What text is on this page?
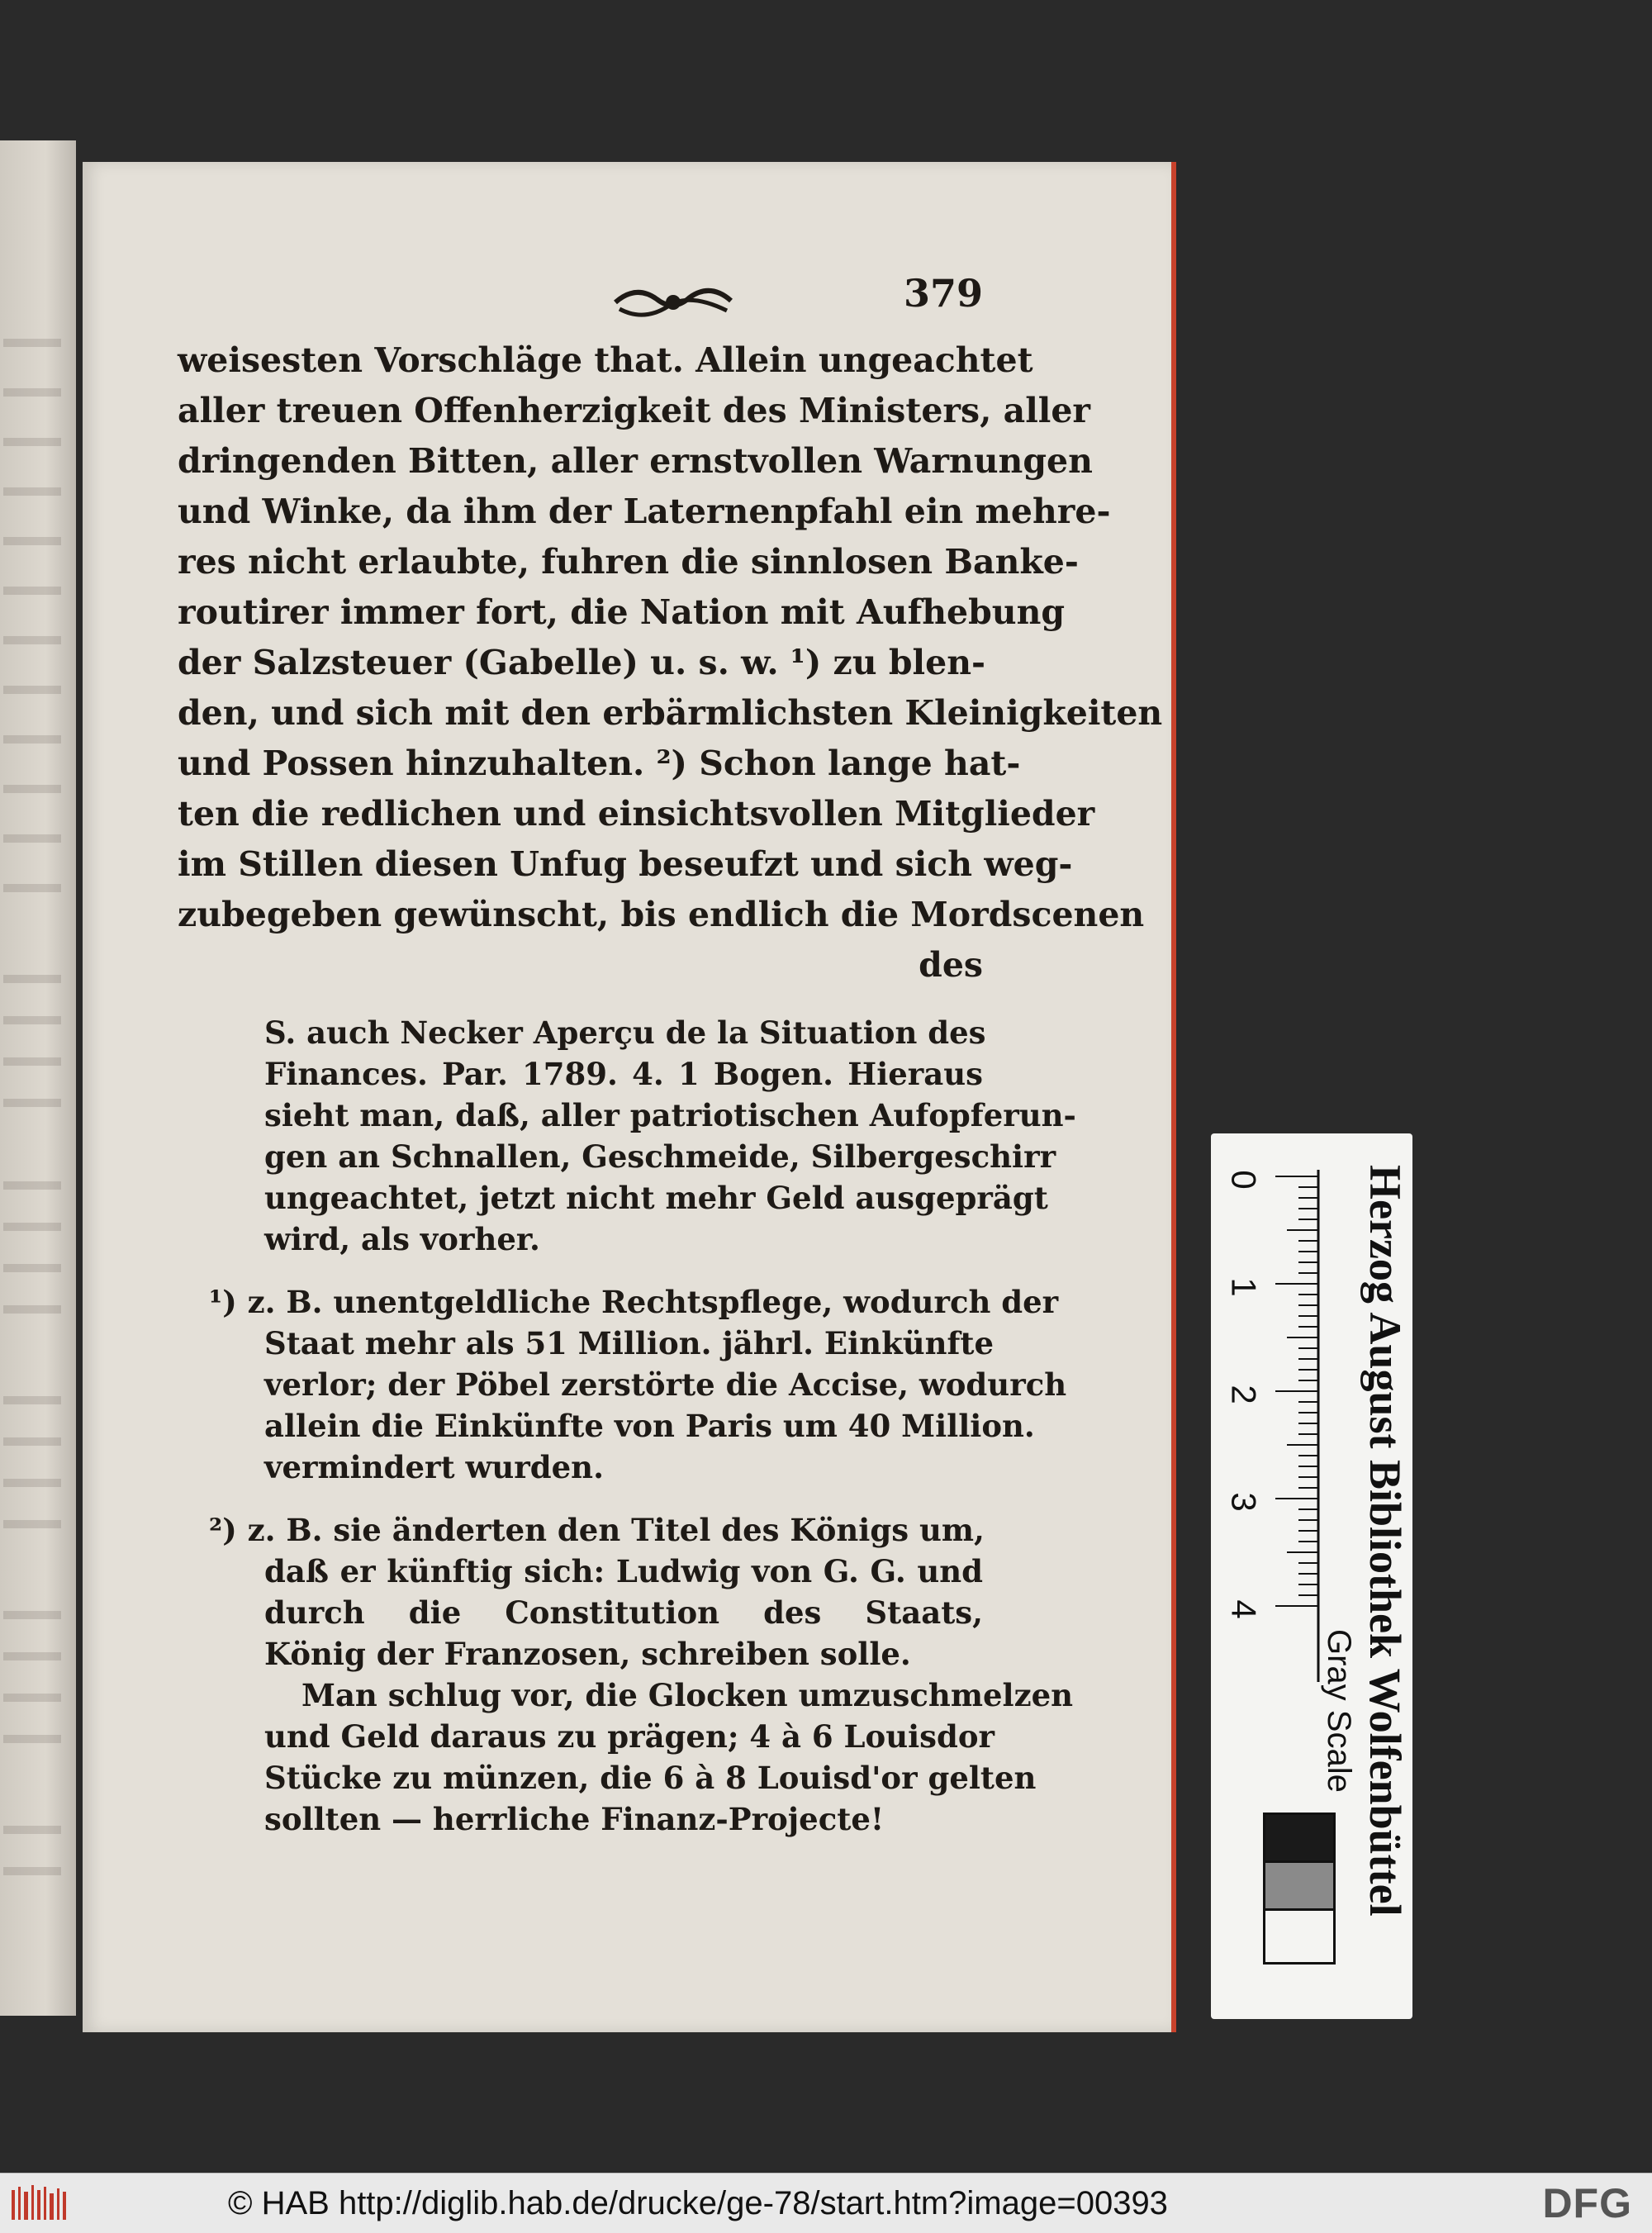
379
weisesten Vorschläge that. Allein ungeachtet
aller treuen Offenherzigkeit des Ministers, aller
dringenden Bitten, aller ernstvollen Warnungen
und Winke, da ihm der Laternenpfahl ein mehre-
res nicht erlaubte, fuhren die sinnlosen Banke-
routirer immer fort, die Nation mit Aufhebung
der Salzsteuer (Gabelle) u. s. w. ¹) zu blen-
den, und sich mit den erbärmlichsten Kleinigkeiten
und Possen hinzuhalten. ²) Schon lange hat-
ten die redlichen und einsichtsvollen Mitglieder
im Stillen diesen Unfug beseufzt und sich weg-
zubegeben gewünscht, bis endlich die Mordscenen
des
S. auch Necker Aperçu de la Situation des
Finances. Par. 1789. 4. 1 Bogen. Hieraus
sieht man, daß, aller patriotischen Aufopferun-
gen an Schnallen, Geschmeide, Silbergeschirr
ungeachtet, jetzt nicht mehr Geld ausgeprägt
wird, als vorher.
¹) z. B. unentgeldliche Rechtspflege, wodurch der
Staat mehr als 51 Million. jährl. Einkünfte
verlor; der Pöbel zerstörte die Accise, wodurch
allein die Einkünfte von Paris um 40 Million.
vermindert wurden.
²) z. B. sie änderten den Titel des Königs um,
daß er künftig sich: Ludwig von G. G. und
durch die Constitution des Staats,
König der Franzosen, schreiben solle.
Man schlug vor, die Glocken umzuschmelzen
und Geld daraus zu prägen; 4 à 6 Louisdor
Stücke zu münzen, die 6 à 8 Louisd'or gelten
sollten — herrliche Finanz-Projecte!
0
1
2
3
4 Herzog August Bibliothek Wolfenbüttel
Gray Scale
© HAB http://diglib.hab.de/drucke/ge-78/start.htm?image=00393	DFG
